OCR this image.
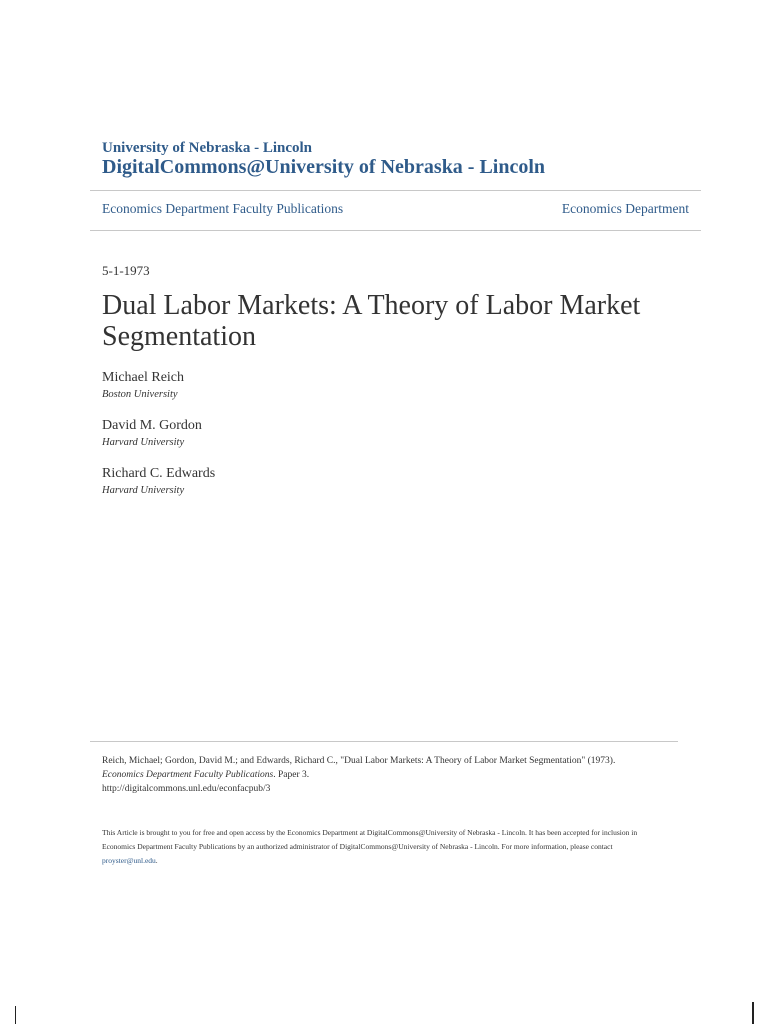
University of Nebraska - Lincoln
DigitalCommons@University of Nebraska - Lincoln
Economics Department Faculty Publications	Economics Department
5-1-1973
Dual Labor Markets: A Theory of Labor Market Segmentation
Michael Reich
Boston University
David M. Gordon
Harvard University
Richard C. Edwards
Harvard University
Reich, Michael; Gordon, David M.; and Edwards, Richard C., "Dual Labor Markets: A Theory of Labor Market Segmentation" (1973).
Economics Department Faculty Publications. Paper 3.
http://digitalcommons.unl.edu/econfacpub/3
This Article is brought to you for free and open access by the Economics Department at DigitalCommons@University of Nebraska - Lincoln. It has been accepted for inclusion in Economics Department Faculty Publications by an authorized administrator of DigitalCommons@University of Nebraska - Lincoln. For more information, please contact proyster@unl.edu.
